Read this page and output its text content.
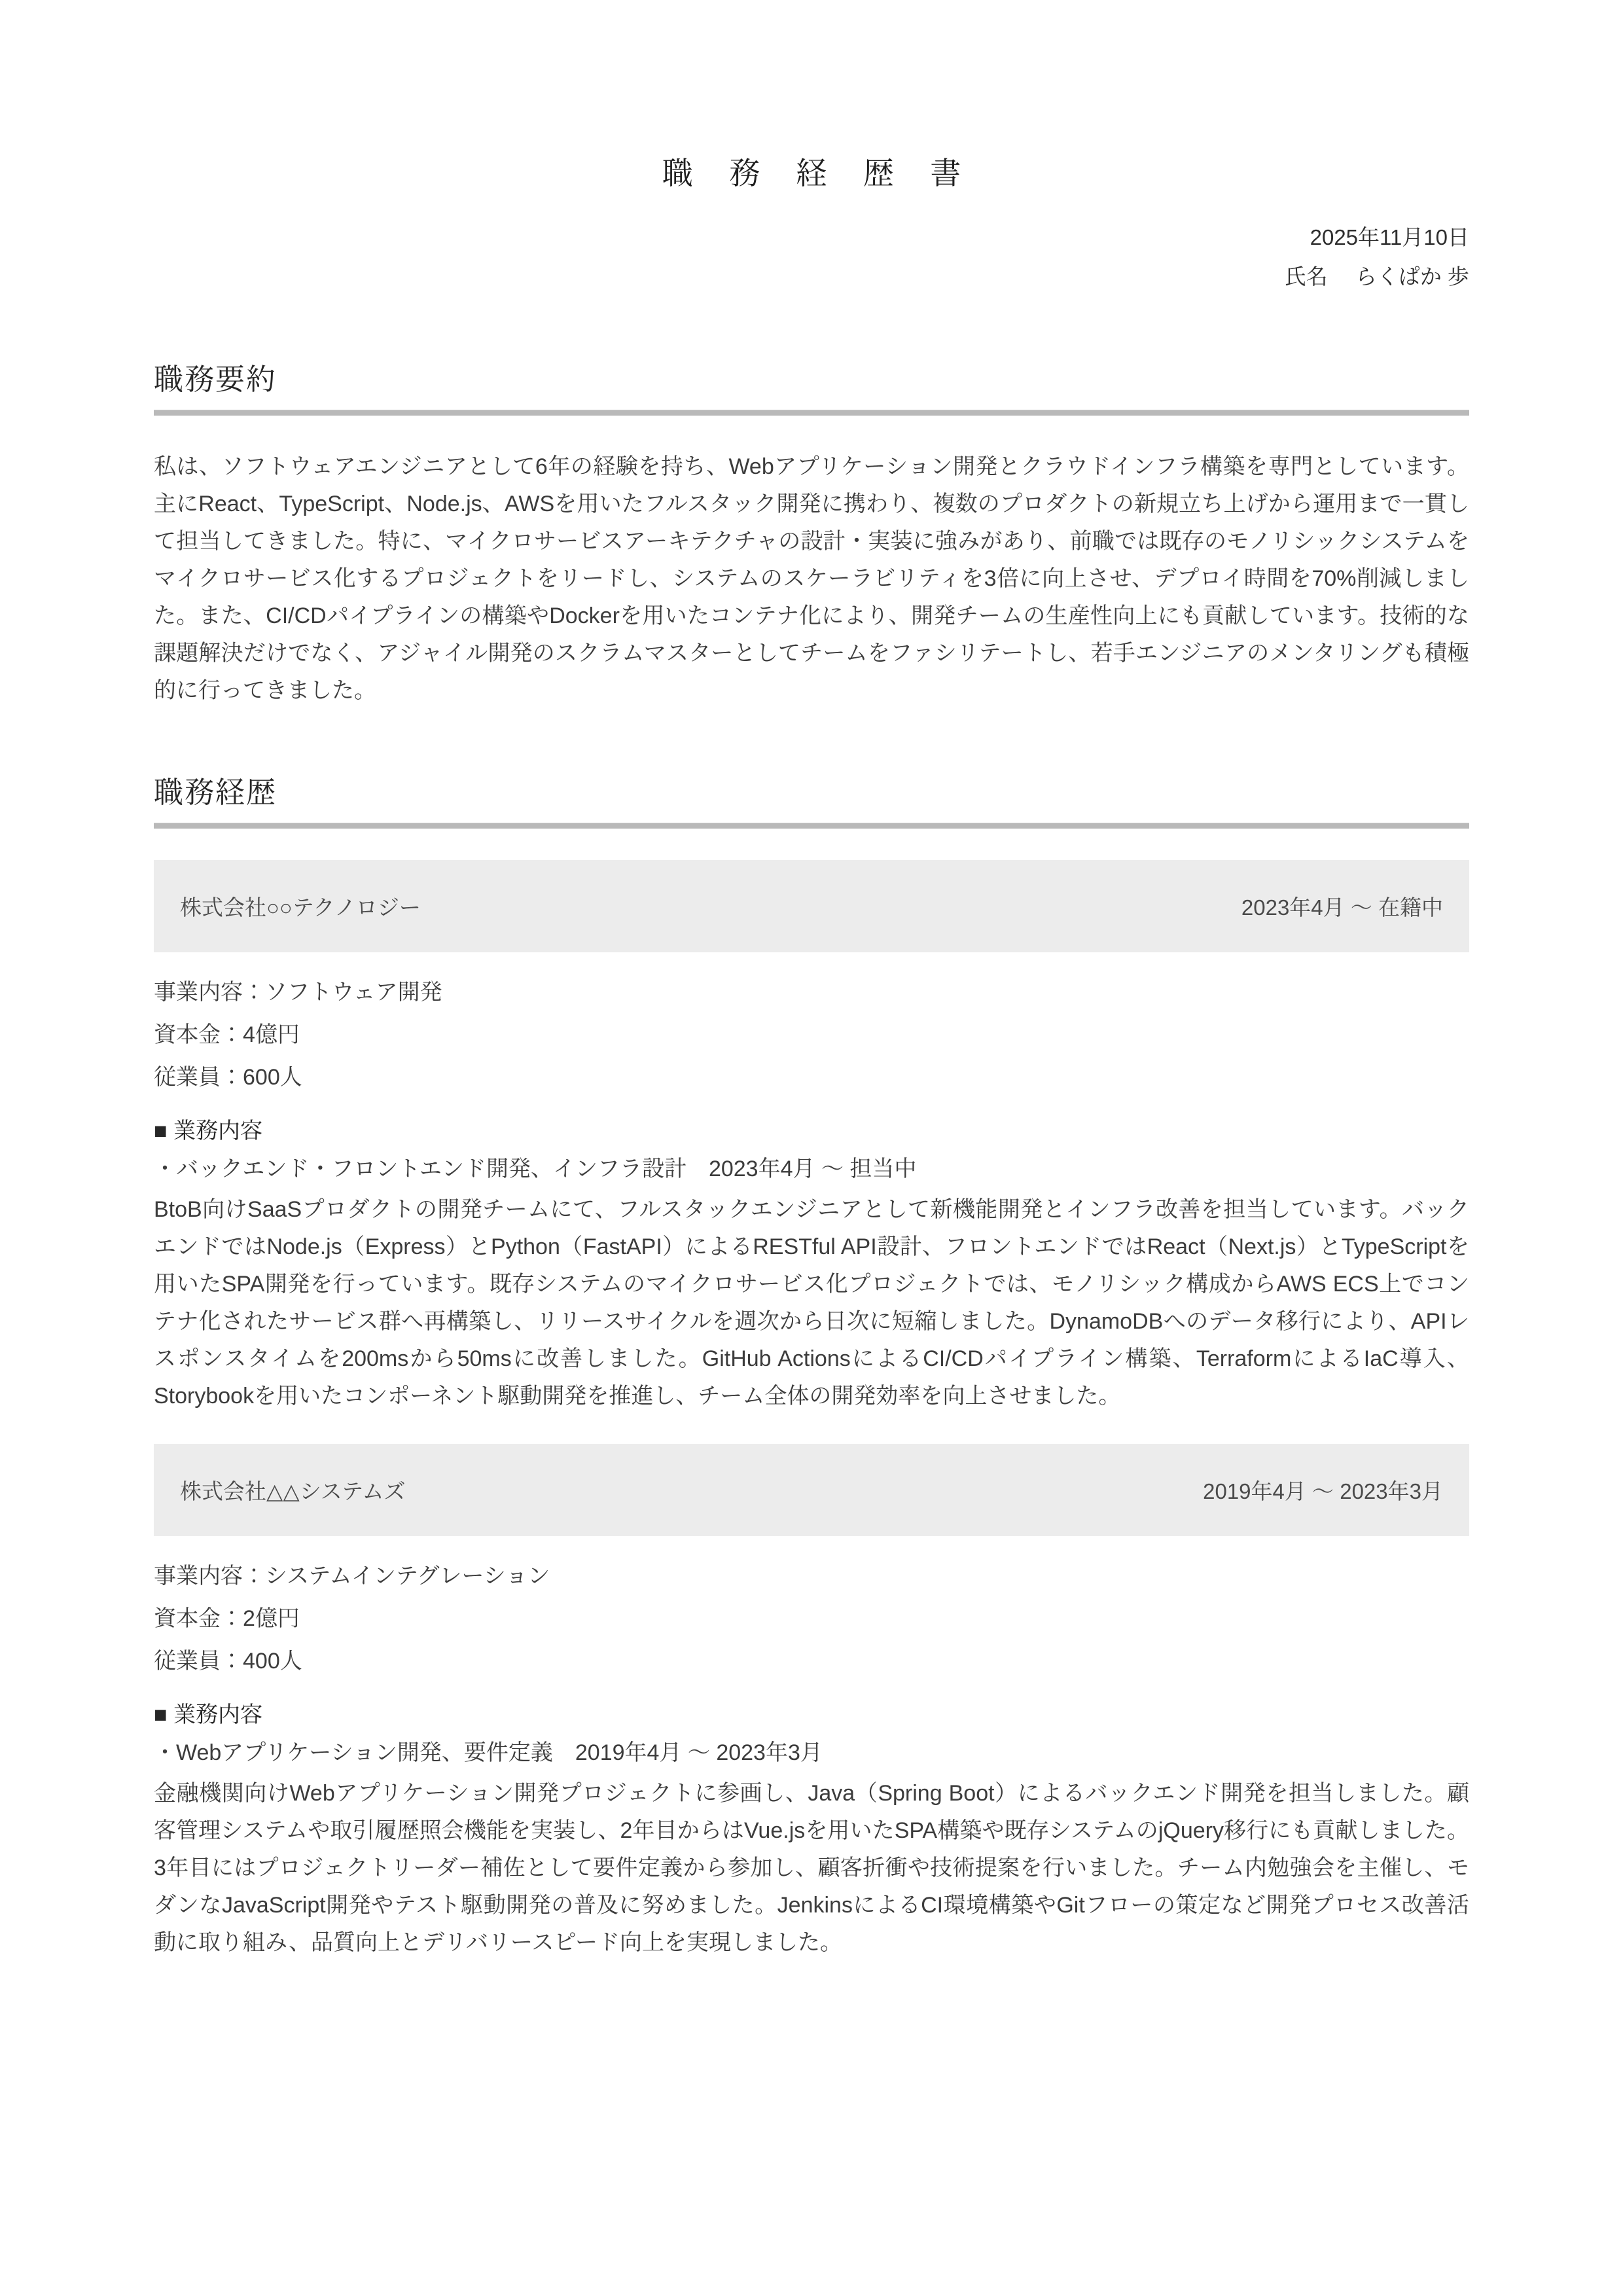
職 務 経 歴 書
2025年11月10日
氏名 らくぱか 歩
職務要約

私は、ソフトウェアエンジニアとして6年の経験を持ち、Webアプリケーション開発とクラウドインフラ構築を専門としています。主にReact、TypeScript、Node.js、AWSを用いたフルスタック開発に携わり、複数のプロダクトの新規立ち上げから運用まで一貫して担当してきました。特に、マイクロサービスアーキテクチャの設計・実装に強みがあり、前職では既存のモノリシックシステムをマイクロサービス化するプロジェクトをリードし、システムのスケーラビリティを3倍に向上させ、デプロイ時間を70%削減しました。また、CI/CDパイプラインの構築やDockerを用いたコンテナ化により、開発チームの生産性向上にも貢献しています。技術的な課題解決だけでなく、アジャイル開発のスクラムマスターとしてチームをファシリテートし、若手エンジニアのメンタリングも積極的に行ってきました。

職務経歴
株式会社○○テクノロジー	2023年4月 ～ 在籍中
事業内容：ソフトウェア開発
資本金：4億円
従業員：600人
■ 業務内容
・バックエンド・フロントエンド開発、インフラ設計　2023年4月 ～ 担当中

BtoB向けSaaSプロダクトの開発チームにて、フルスタックエンジニアとして新機能開発とインフラ改善を担当しています。バックエンドではNode.js（Express）とPython（FastAPI）によるRESTful API設計、フロントエンドではReact（Next.js）とTypeScriptを用いたSPA開発を行っています。既存システムのマイクロサービス化プロジェクトでは、モノリシック構成からAWS ECS上でコンテナ化されたサービス群へ再構築し、リリースサイクルを週次から日次に短縮しました。DynamoDBへのデータ移行により、APIレスポンスタイムを200msから50msに改善しました。GitHub ActionsによるCI/CDパイプライン構築、TerraformによるIaC導入、Storybookを用いたコンポーネント駆動開発を推進し、チーム全体の開発効率を向上させました。

株式会社△△システムズ	2019年4月 ～ 2023年3月
事業内容：システムインテグレーション
資本金：2億円
従業員：400人
■ 業務内容
・Webアプリケーション開発、要件定義　2019年4月 ～ 2023年3月

金融機関向けWebアプリケーション開発プロジェクトに参画し、Java（Spring Boot）によるバックエンド開発を担当しました。顧客管理システムや取引履歴照会機能を実装し、2年目からはVue.jsを用いたSPA構築や既存システムのjQuery移行にも貢献しました。3年目にはプロジェクトリーダー補佐として要件定義から参加し、顧客折衝や技術提案を行いました。チーム内勉強会を主催し、モダンなJavaScript開発やテスト駆動開発の普及に努めました。JenkinsによるCI環境構築やGitフローの策定など開発プロセス改善活動に取り組み、品質向上とデリバリースピード向上を実現しました。
